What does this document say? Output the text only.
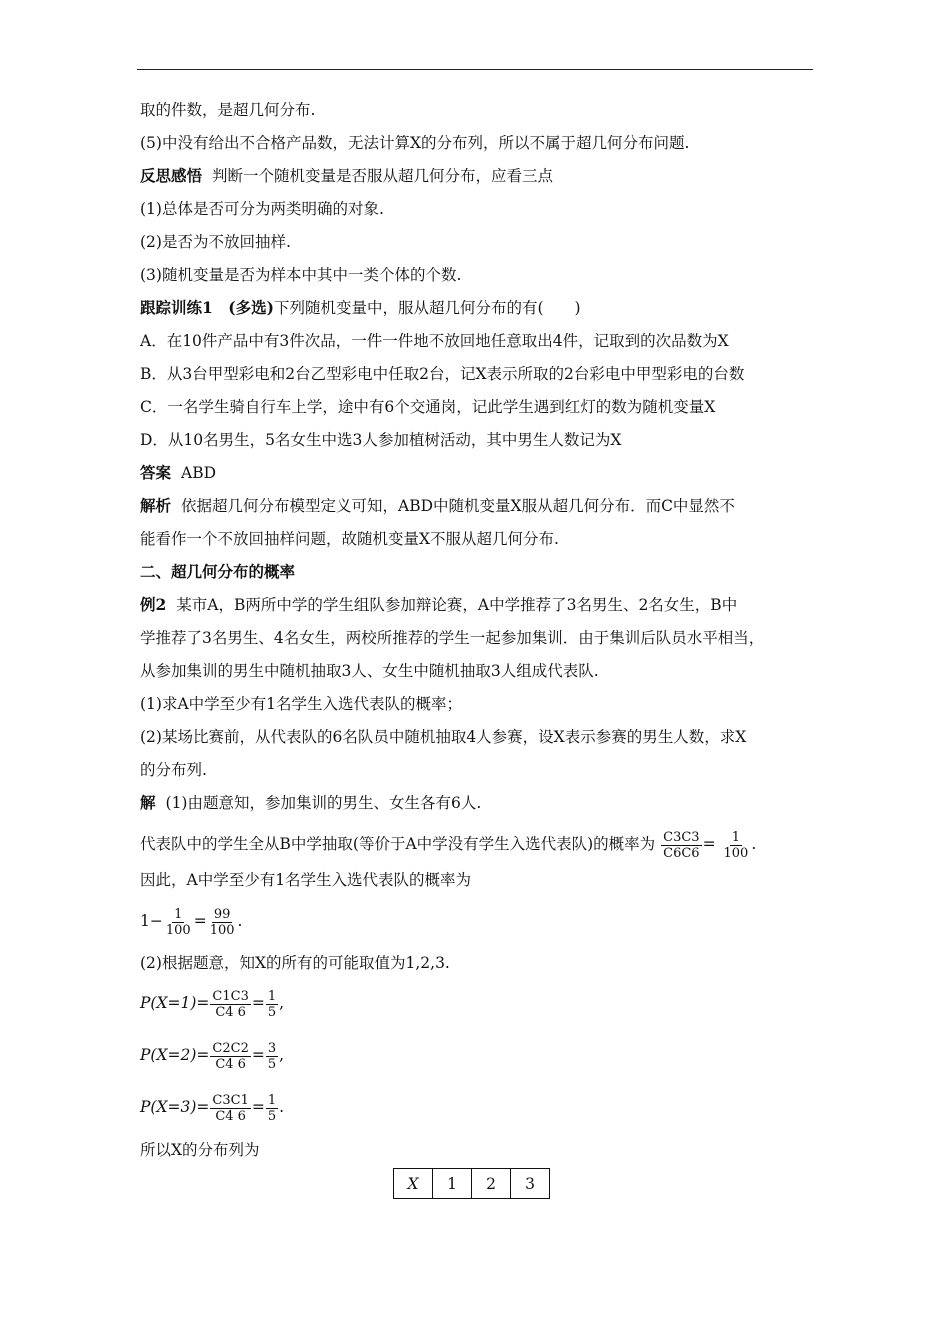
取的件数，是超几何分布.
(5)中没有给出不合格产品数，无法计算X的分布列，所以不属于超几何分布问题.
反思感悟 判断一个随机变量是否服从超几何分布，应看三点
(1)总体是否可分为两类明确的对象.
(2)是否为不放回抽样.
(3)随机变量是否为样本中其中一类个体的个数.
跟踪训练1　(多选)下列随机变量中，服从超几何分布的有(　　)
A．在10件产品中有3件次品，一件一件地不放回地任意取出4件，记取到的次品数为X
B．从3台甲型彩电和2台乙型彩电中任取2台，记X表示所取的2台彩电中甲型彩电的台数
C．一名学生骑自行车上学，途中有6个交通岗，记此学生遇到红灯的数为随机变量X
D．从10名男生，5名女生中选3人参加植树活动，其中男生人数记为X
答案 ABD
解析 依据超几何分布模型定义可知，ABD中随机变量X服从超几何分布．而C中显然不
能看作一个不放回抽样问题，故随机变量X不服从超几何分布.
二、超几何分布的概率
例2 某市A，B两所中学的学生组队参加辩论赛，A中学推荐了3名男生、2名女生，B中
学推荐了3名男生、4名女生，两校所推荐的学生一起参加集训．由于集训后队员水平相当，
从参加集训的男生中随机抽取3人、女生中随机抽取3人组成代表队.
(1)求A中学至少有1名学生入选代表队的概率；
(2)某场比赛前，从代表队的6名队员中随机抽取4人参赛，设X表示参赛的男生人数，求X
的分布列.
解 (1)由题意知，参加集训的男生、女生各有6人.
代表队中的学生全从B中学抽取(等价于A中学没有学生入选代表队)的概率为 $\frac{C3C3}{C6C6} = \frac{1}{100}$ .
因此，A中学至少有1名学生入选代表队的概率为
$1- \frac{1}{100} = \frac{99}{100}$ .
(2)根据题意，知X的所有的可能取值为1,2,3.
$P(X=1)= \frac{C1C3}{C4 6} = \frac{1}{5}$ ,
$P(X=2)= \frac{C2C2}{C4 6} = \frac{3}{5}$ ,
$P(X=3)= \frac{C3C1}{C4 6} = \frac{1}{5}$ .
所以X的分布列为
X	1	2	3
